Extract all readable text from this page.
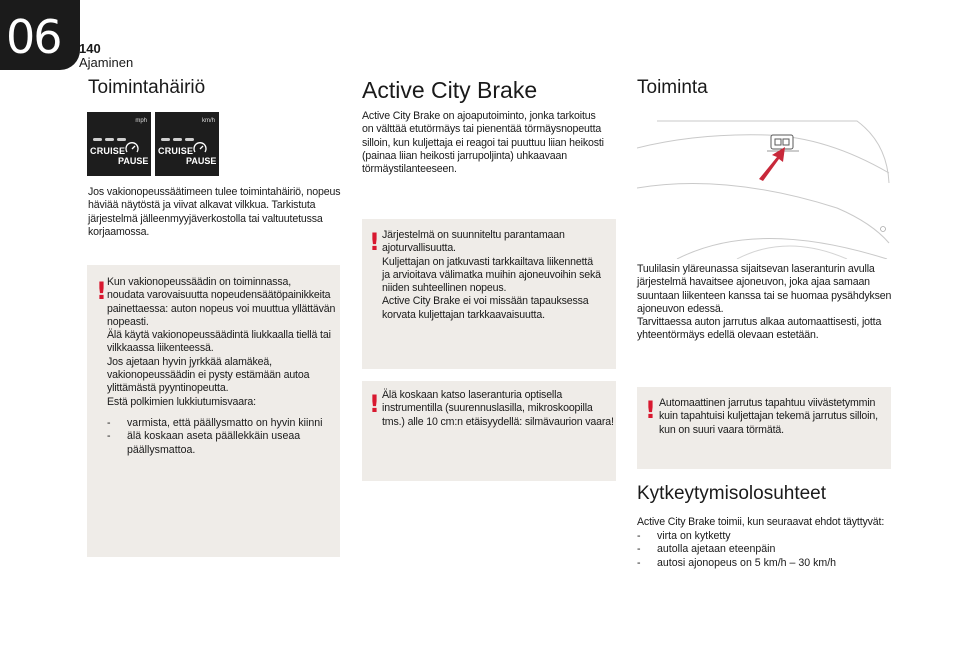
06 140
Ajaminen
Toimintahäiriö
mph
CRUISE
PAUSE
km/h
CRUISE
PAUSE

Jos vakionopeussäätimeen tulee toimintahäiriö, nopeus
häviää näytöstä ja viivat alkavat vilkkua. Tarkistuta
järjestelmä jälleenmyyjäverkostolla tai valtuutetussa
korjaamossa.

! Kun vakionopeussäädin on toiminnassa,
noudata varovaisuutta nopeudensäätöpainikkeita
painettaessa: auton nopeus voi muuttua yllättävän
nopeasti.
Älä käytä vakionopeussäädintä liukkaalla tiellä tai
vilkkaassa liikenteessä.
Jos ajetaan hyvin jyrkkää alamäkeä,
vakionopeussäädin ei pysty estämään autoa
ylittämästä pyyntinopeutta.
Estä polkimien lukkiutumisvaara:

- varmista, että päällysmatto on hyvin kiinni
- älä koskaan aseta päällekkäin useaa
päällysmattoa.
Active City Brake

Active City Brake on ajoaputoiminto, jonka tarkoitus
on välttää etutörmäys tai pienentää törmäysnopeutta
silloin, kun kuljettaja ei reagoi tai puuttuu liian heikosti
(painaa liian heikosti jarrupoljinta) uhkaavaan
törmäystilanteeseen.

! Järjestelmä on suunniteltu parantamaan
ajoturvallisuutta.
Kuljettajan on jatkuvasti tarkkailtava liikennettä
ja arvioitava välimatka muihin ajoneuvoihin sekä
niiden suhteellinen nopeus.
Active City Brake ei voi missään tapauksessa
korvata kuljettajan tarkkaavaisuutta.

! Älä koskaan katso laseranturia optisella
instrumentilla (suurennuslasilla, mikroskoopilla
tms.) alle 10 cm:n etäisyydellä: silmävaurion vaara!

Toiminta

Tuulilasin yläreunassa sijaitsevan laseranturin avulla
järjestelmä havaitsee ajoneuvon, joka ajaa samaan
suuntaan liikenteen kanssa tai se huomaa pysähdyksen
ajoneuvon edessä.
Tarvittaessa auton jarrutus alkaa automaattisesti, jotta
yhteentörmäys edellä olevaan estetään.

! Automaattinen jarrutus tapahtuu viivästetymmin
kuin tapahtuisi kuljettajan tekemä jarrutus silloin,
kun on suuri vaara törmätä.

Kytkeytymisolosuhteet

Active City Brake toimii, kun seuraavat ehdot täyttyvät:

- virta on kytketty
- autolla ajetaan eteenpäin
- autosi ajonopeus on 5 km/h – 30 km/h
